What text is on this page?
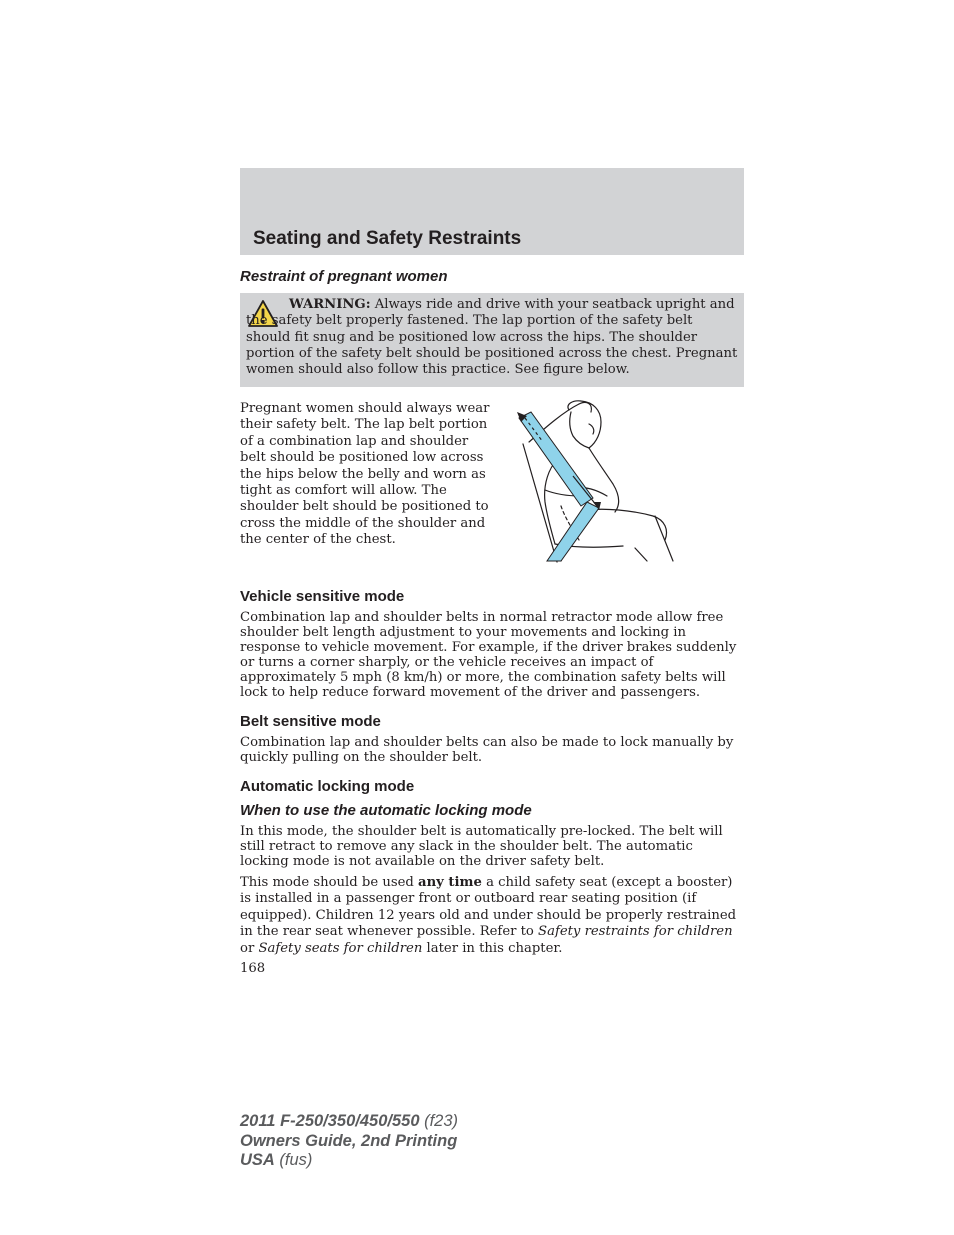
Seating and Safety Restraints
Restraint of pregnant women

WARNING: Always ride and drive with your seatback upright and the safety belt properly fastened. The lap portion of the safety belt should fit snug and be positioned low across the hips. The shoulder portion of the safety belt should be positioned across the chest. Pregnant women should also follow this practice. See figure below.

Pregnant women should always wear their safety belt. The lap belt portion of a combination lap and shoulder belt should be positioned low across the hips below the belly and worn as tight as comfort will allow. The shoulder belt should be positioned to cross the middle of the shoulder and the center of the chest.

Vehicle sensitive mode

Combination lap and shoulder belts in normal retractor mode allow free shoulder belt length adjustment to your movements and locking in response to vehicle movement. For example, if the driver brakes suddenly or turns a corner sharply, or the vehicle receives an impact of approximately 5 mph (8 km/h) or more, the combination safety belts will lock to help reduce forward movement of the driver and passengers.

Belt sensitive mode

Combination lap and shoulder belts can also be made to lock manually by quickly pulling on the shoulder belt.

Automatic locking mode
When to use the automatic locking mode

In this mode, the shoulder belt is automatically pre-locked. The belt will still retract to remove any slack in the shoulder belt. The automatic locking mode is not available on the driver safety belt.

This mode should be used any time a child safety seat (except a booster) is installed in a passenger front or outboard rear seating position (if equipped). Children 12 years old and under should be properly restrained in the rear seat whenever possible. Refer to Safety restraints for children or Safety seats for children later in this chapter.

168

2011 F-250/350/450/550 (f23)
Owners Guide, 2nd Printing
USA (fus)
